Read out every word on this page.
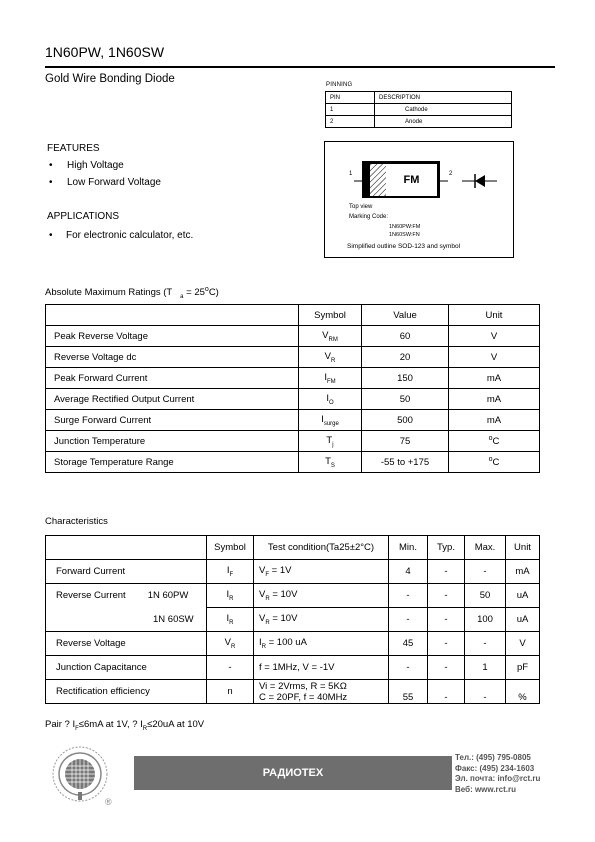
1N60PW, 1N60SW
Gold Wire Bonding Diode	PINNING
PIN	DESCRIPTION
1	Cathode
2	Anode
1	2
FM
Top view
Marking Code:
1N60PW:FM
1N60SW:FN
Simplified outline SOD-123 and symbol
FEATURES
• High Voltage
• Low Forward Voltage
APPLICATIONS
• For electronic calculator, etc.
Absolute Maximum Ratings (T $_a = 25^oC$)
	Symbol	Value	Unit
Peak Reverse Voltage	$V_{RM}$	60	V
Reverse Voltage dc	$V_R$	20	V
Peak Forward Current	$I_{FM}$	150	mA
Average Rectified Output Current	$I_O$	50	mA
Surge Forward Current	$I_{surge}$	500	mA
Junction Temperature	$T_j$	75	$^o$C
Storage Temperature Range	$T_S$	-55 to +175	$^o$C
Characteristics
	Symbol	Test condition(Ta25±2°C)	Min.	Typ.	Max.	Unit
Forward Current	$I_F$	$V_F = 1V$	4	-	-	mA
Reverse Current 1N 60PW	$I_R$	$V_R = 10V$	-	-	50	uA
1N 60SW	$I_R$	$V_R = 10V$	-	-	100	uA
Reverse Voltage	$V_R$	$I_R = 100$ uA	45	-	-	V
Junction Capacitance	-	f = 1MHz, V = -1V	-	-	1	pF
Rectification efficiency	n	Vi = 2Vrms, R = 5KΩ
C = 20PF, f = 40MHz	55	-	-	%
Pair ? $I_F\le 6mA$ at 1V, ? $I_R\le 20uA$ at 10V
®
РАДИОТЕХ
Тел.: (495) 795-0805
Факс: (495) 234-1603
Эл. почта: info@rct.ru
Веб: www.rct.ru
